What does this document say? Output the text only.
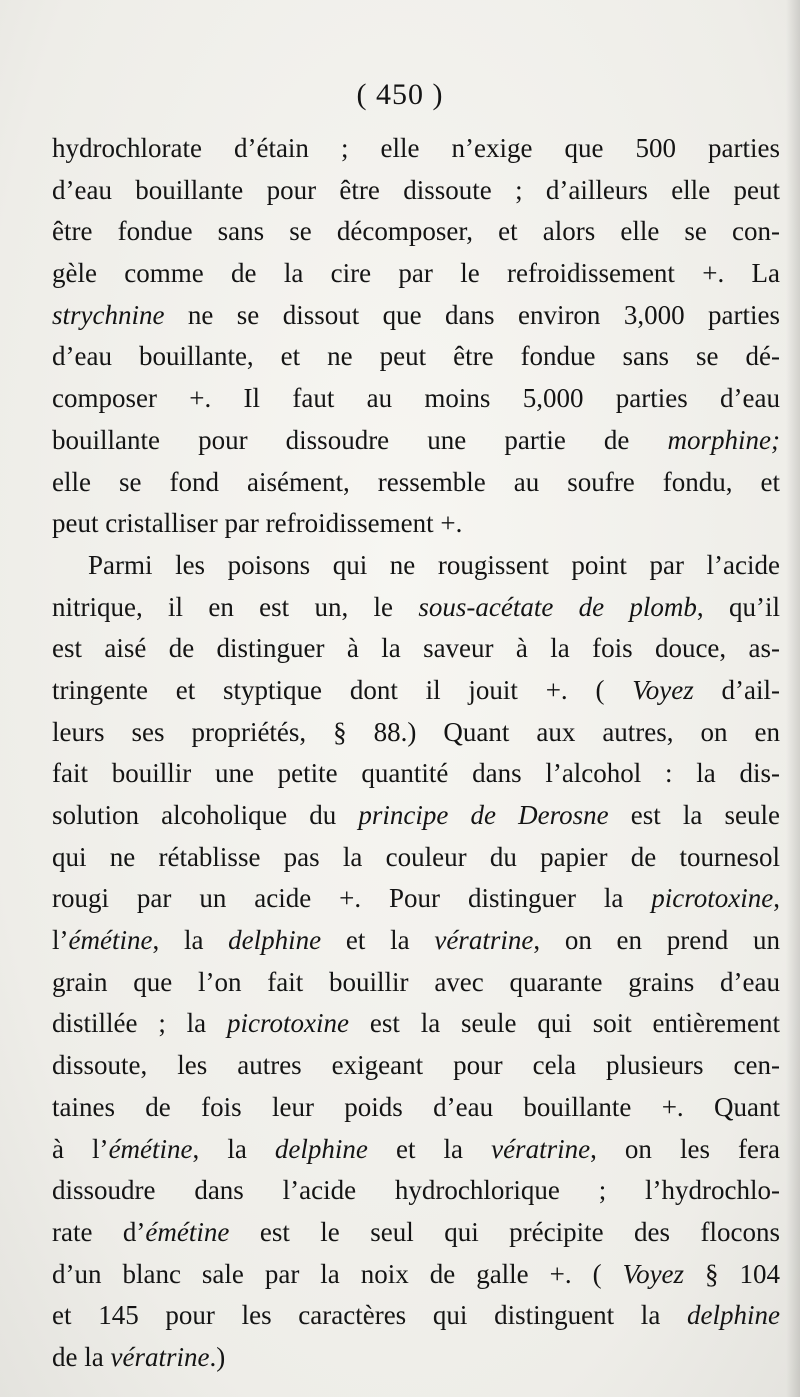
( 450 )
hydrochlorate d’étain ; elle n’exige que 500 parties
d’eau bouillante pour être dissoute ; d’ailleurs elle peut
être fondue sans se décomposer, et alors elle se con-
gèle comme de la cire par le refroidissement +. La
strychnine ne se dissout que dans environ 3,000 parties
d’eau bouillante, et ne peut être fondue sans se dé-
composer +. Il faut au moins 5,000 parties d’eau
bouillante pour dissoudre une partie de morphine;
elle se fond aisément, ressemble au soufre fondu, et
peut cristalliser par refroidissement +.
Parmi les poisons qui ne rougissent point par l’acide
nitrique, il en est un, le sous-acétate de plomb, qu’il
est aisé de distinguer à la saveur à la fois douce, as-
tringente et styptique dont il jouit +. ( Voyez d’ail-
leurs ses propriétés, § 88.) Quant aux autres, on en
fait bouillir une petite quantité dans l’alcohol : la dis-
solution alcoholique du principe de Derosne est la seule
qui ne rétablisse pas la couleur du papier de tournesol
rougi par un acide +. Pour distinguer la picrotoxine,
l’émétine, la delphine et la vératrine, on en prend un
grain que l’on fait bouillir avec quarante grains d’eau
distillée ; la picrotoxine est la seule qui soit entièrement
dissoute, les autres exigeant pour cela plusieurs cen-
taines de fois leur poids d’eau bouillante +. Quant
à l’émétine, la delphine et la vératrine, on les fera
dissoudre dans l’acide hydrochlorique ; l’hydrochlo-
rate d’émétine est le seul qui précipite des flocons
d’un blanc sale par la noix de galle +. ( Voyez § 104
et 145 pour les caractères qui distinguent la delphine
de la vératrine.)
